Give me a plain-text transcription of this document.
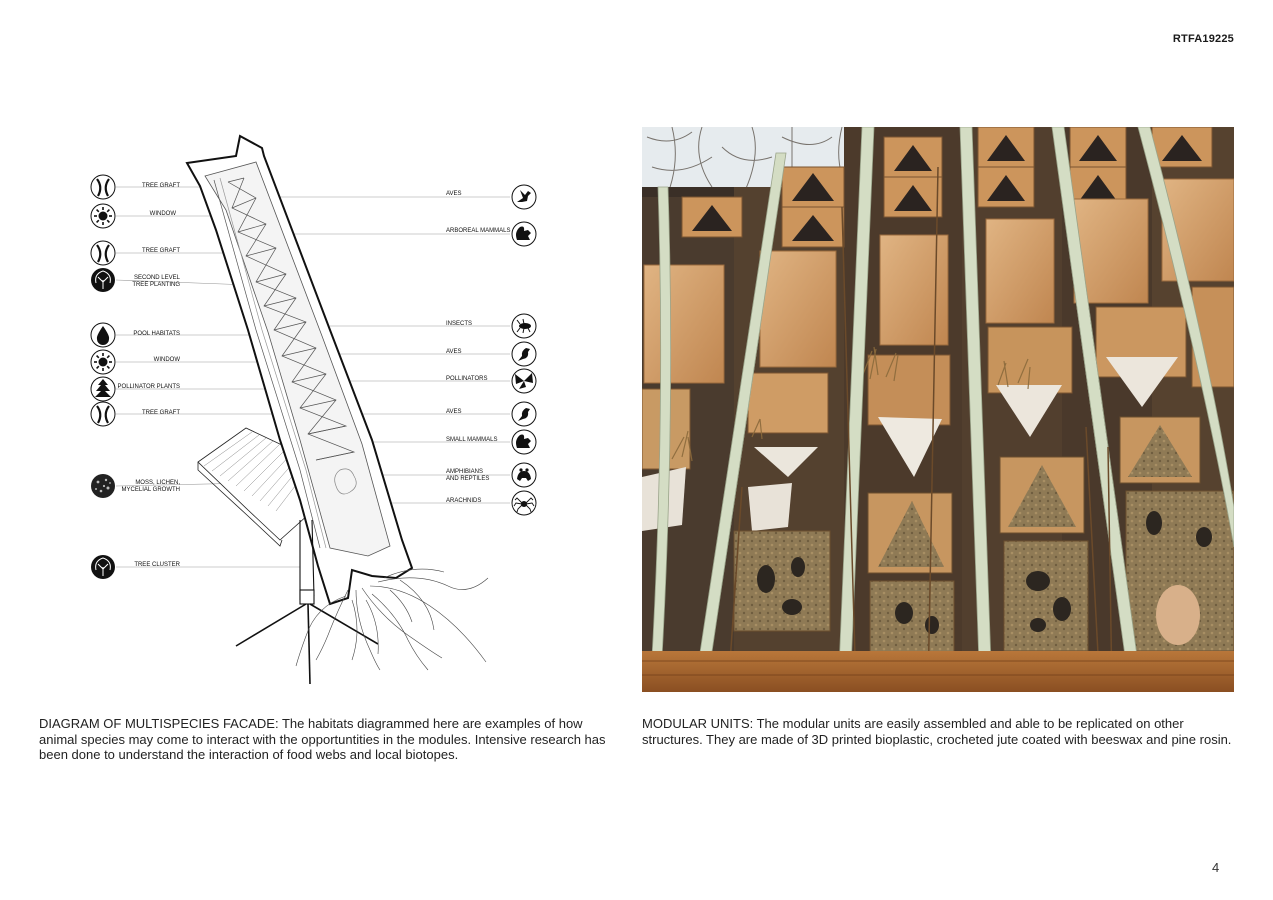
RTFA19225
TREE GRAFT
WINDOW
TREE GRAFT
SECOND LEVEL
TREE PLANTING
POOL HABITATS
WINDOW
POLLINATOR PLANTS
TREE GRAFT
MOSS, LICHEN,
MYCELIAL GROWTH
TREE CLUSTER
AVES
ARBOREAL MAMMALS
INSECTS
AVES
POLLINATORS
AVES
SMALL MAMMALS
AMPHIBIANS
AND REPTILES
ARACHNIDS
DIAGRAM OF MULTISPECIES FACADE: The habitats diagrammed here are examples of how animal species may come to interact with the opportuntities in the modules. Intensive research has been done to understand the interaction of food webs and local biotopes.
MODULAR UNITS: The modular units are easily assembled and able to be replicated on other structures. They are made of 3D printed bioplastic, crocheted jute coated with beeswax and pine rosin.
4
